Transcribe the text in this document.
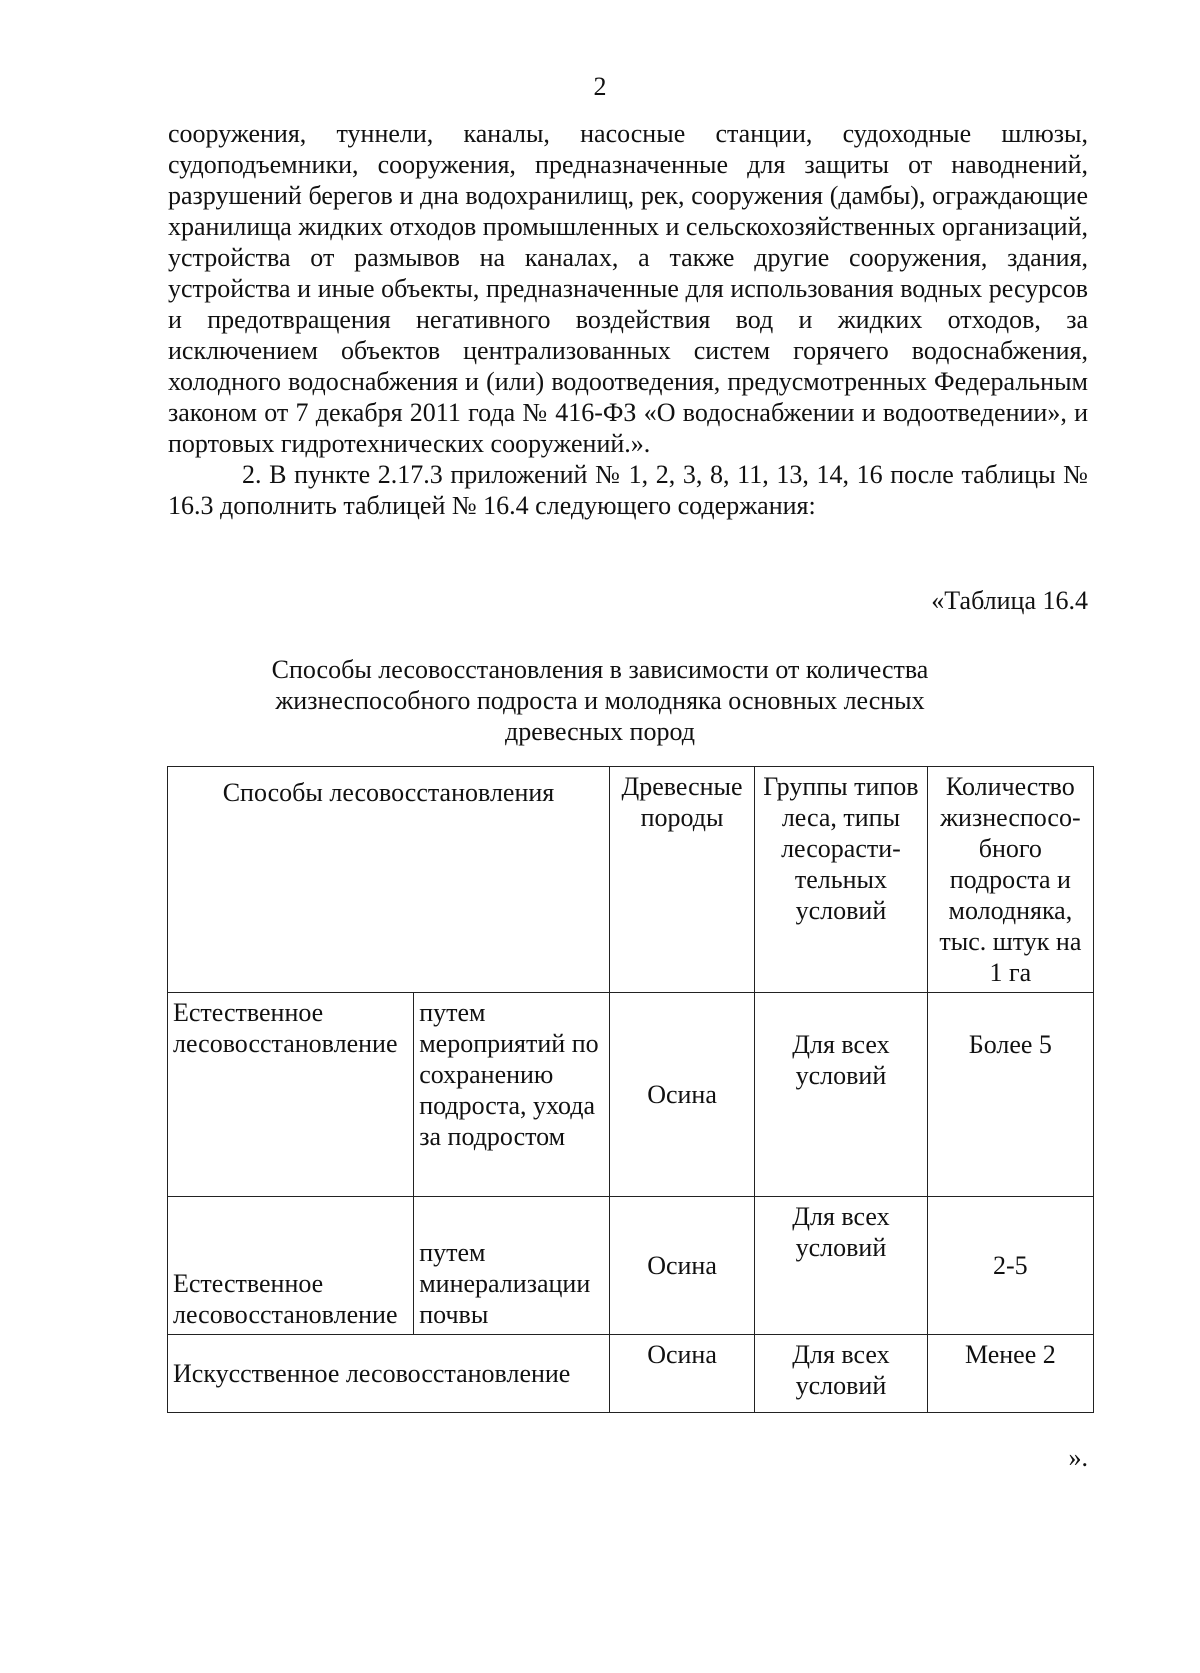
2

сооружения, туннели, каналы, насосные станции, судоходные шлюзы, судоподъемники, сооружения, предназначенные для защиты от наводнений, разрушений берегов и дна водохранилищ, рек, сооружения (дамбы), ограждающие хранилища жидких отходов промышленных и сельскохозяйственных организаций, устройства от размывов на каналах, а также другие сооружения, здания, устройства и иные объекты, предназначенные для использования водных ресурсов и предотвращения негативного воздействия вод и жидких отходов, за исключением объектов централизованных систем горячего водоснабжения, холодного водоснабжения и (или) водоотведения, предусмотренных Федеральным законом от 7 декабря 2011 года № 416-ФЗ «О водоснабжении и водоотведении», и портовых гидротехнических сооружений.».

2. В пункте 2.17.3 приложений № 1, 2, 3, 8, 11, 13, 14, 16 после таблицы № 16.3 дополнить таблицей № 16.4 следующего содержания:

«Таблица 16.4
Способы лесовосстановления в зависимости от количества жизнеспособного подроста и молодняка основных лесных древесных пород
Способы лесовосстановления		Древесные породы	Группы типов леса, типы лесорасти-тельных условий	Количество жизнеспосо-бного подроста и молодняка, тыс. штук на 1 га
Естественное лесовосстановление	путем мероприятий по сохранению подроста, ухода за подростом	Осина	Для всех условий	Более 5
Естественное лесовосстановление	путем минерализации почвы	Осина	Для всех условий	2-5
Искусственное лесовосстановление		Осина	Для всех условий	Менее 2
».
